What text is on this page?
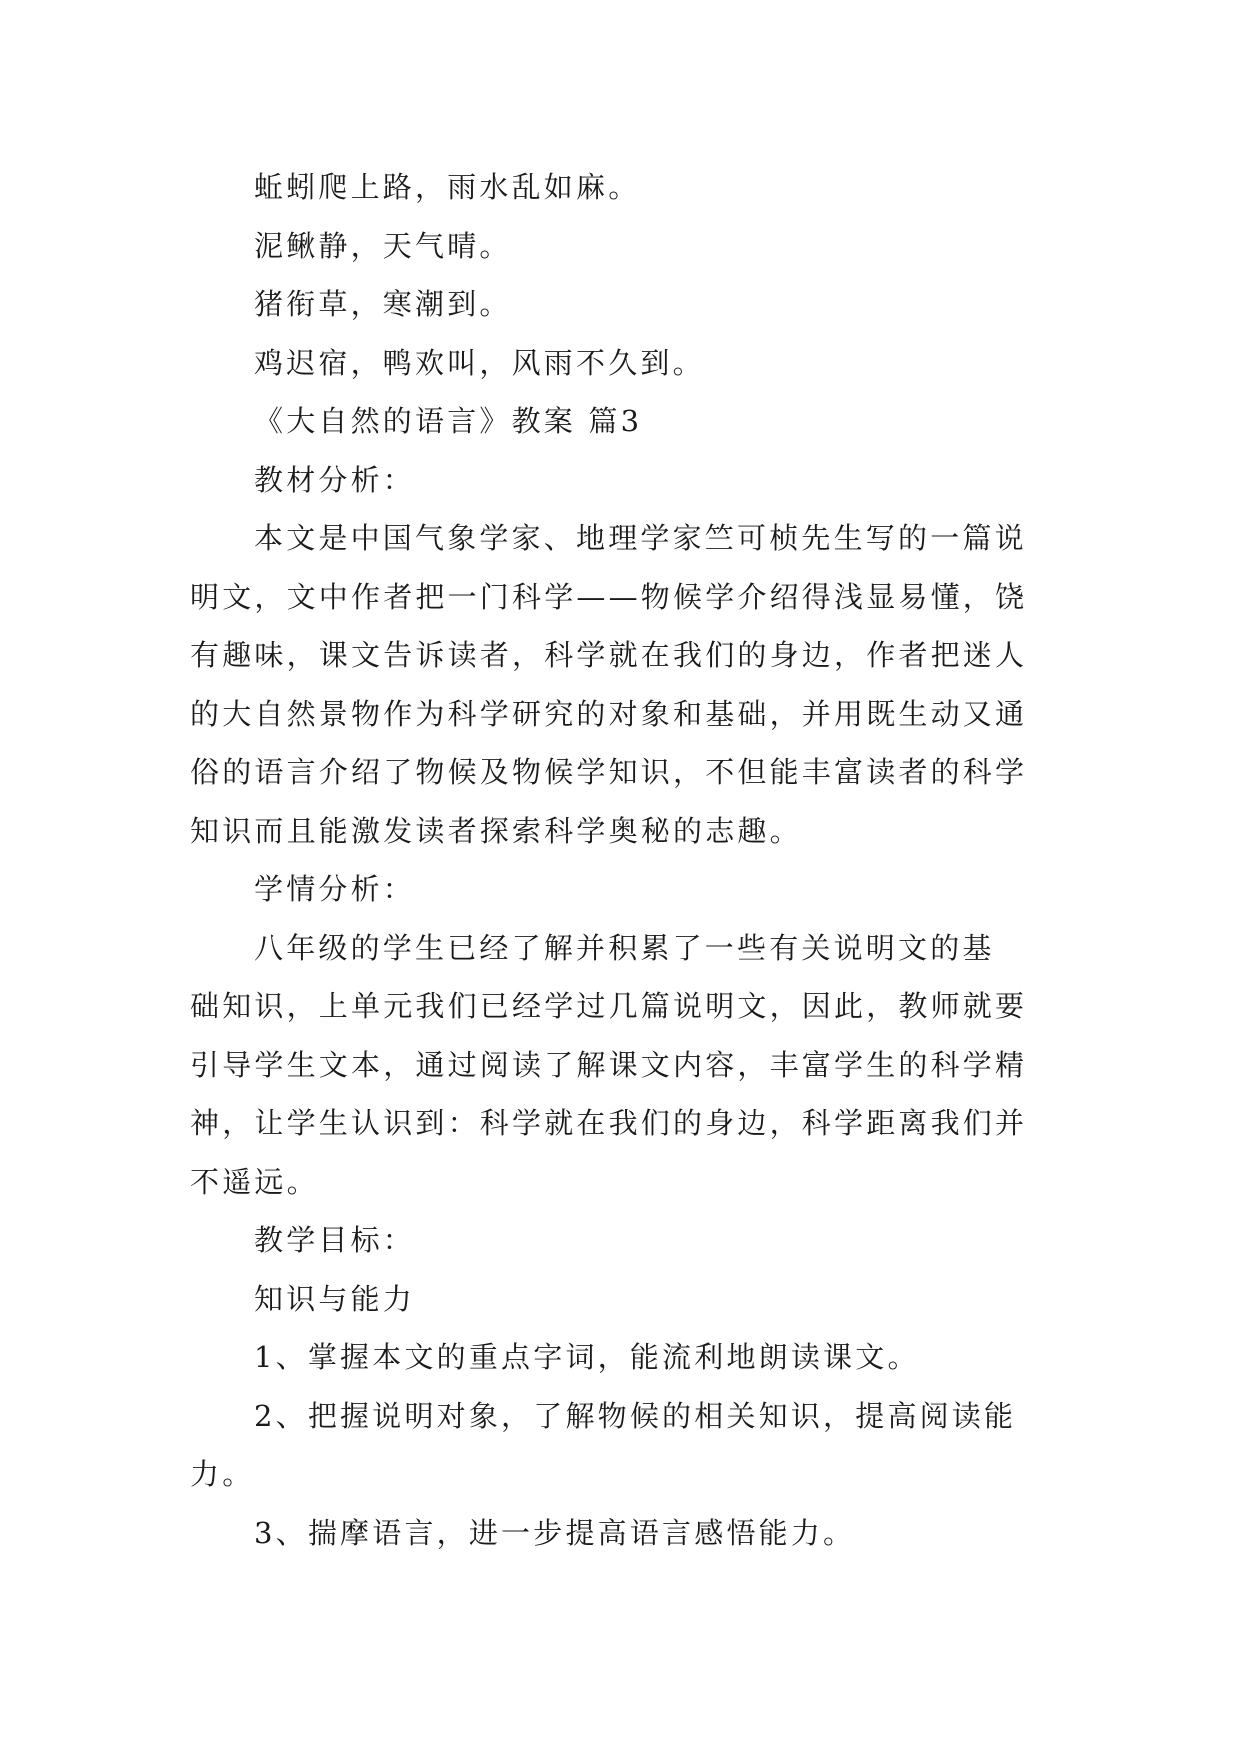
蚯蚓爬上路，雨水乱如麻。

泥鳅静，天气晴。

猪衔草，寒潮到。

鸡迟宿，鸭欢叫，风雨不久到。

《大自然的语言》教案 篇3

教材分析：

本文是中国气象学家、地理学家竺可桢先生写的一篇说

明文，文中作者把一门科学——物候学介绍得浅显易懂，饶

有趣味，课文告诉读者，科学就在我们的身边，作者把迷人

的大自然景物作为科学研究的对象和基础，并用既生动又通

俗的语言介绍了物候及物候学知识，不但能丰富读者的科学

知识而且能激发读者探索科学奥秘的志趣。

学情分析：

八年级的学生已经了解并积累了一些有关说明文的基

础知识，上单元我们已经学过几篇说明文，因此，教师就要

引导学生文本，通过阅读了解课文内容，丰富学生的科学精

神，让学生认识到：科学就在我们的身边，科学距离我们并

不遥远。

教学目标：

知识与能力

1、掌握本文的重点字词，能流利地朗读课文。

2、把握说明对象，了解物候的相关知识，提高阅读能

力。

3、揣摩语言，进一步提高语言感悟能力。
